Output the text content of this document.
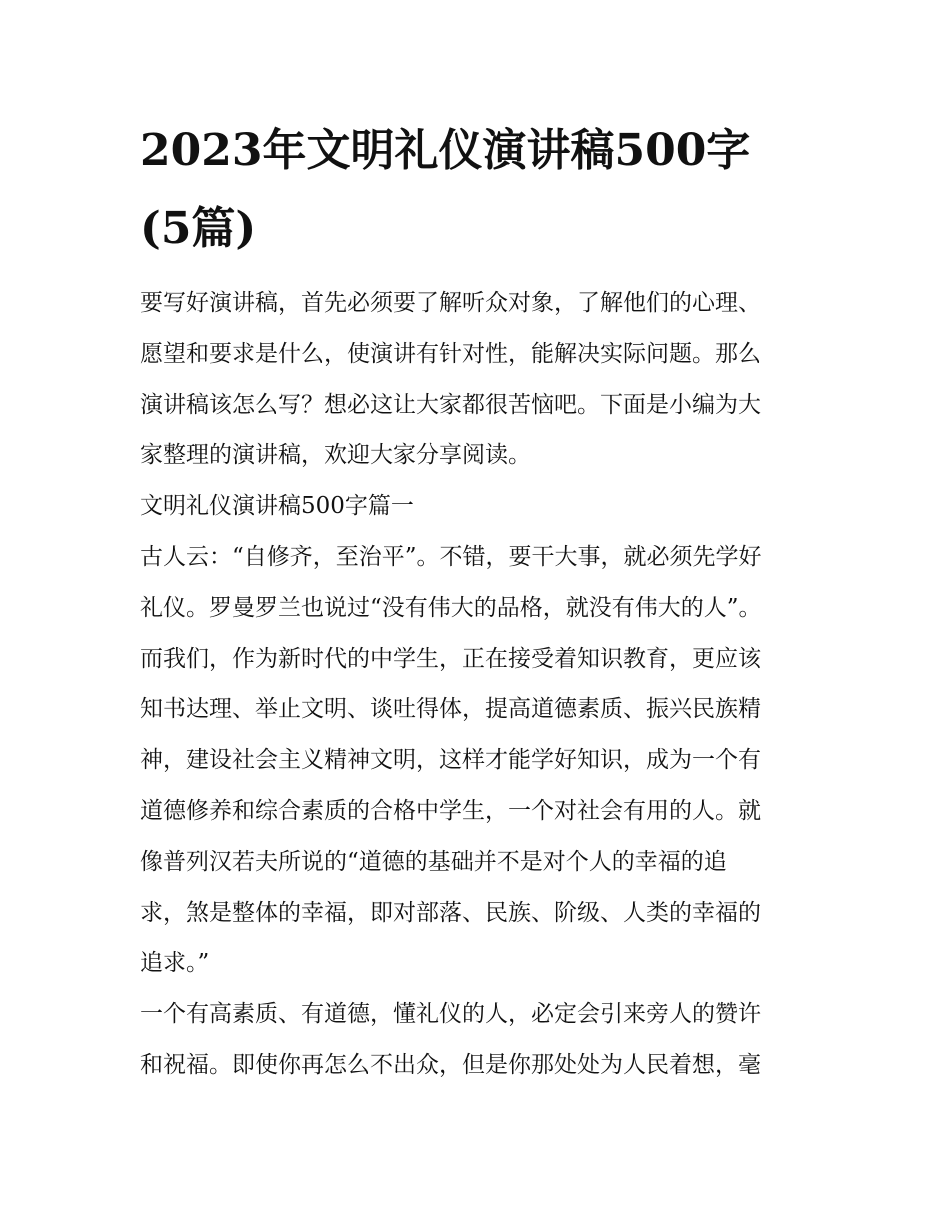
2023年文明礼仪演讲稿500字
(5篇)

要写好演讲稿，首先必须要了解听众对象，了解他们的心理、

愿望和要求是什么，使演讲有针对性，能解决实际问题。那么

演讲稿该怎么写？想必这让大家都很苦恼吧。下面是小编为大

家整理的演讲稿，欢迎大家分享阅读。

文明礼仪演讲稿500字篇一

古人云：“自修齐，至治平”。不错，要干大事，就必须先学好

礼仪。罗曼罗兰也说过“没有伟大的品格，就没有伟大的人”。

而我们，作为新时代的中学生，正在接受着知识教育，更应该

知书达理、举止文明、谈吐得体，提高道德素质、振兴民族精

神，建设社会主义精神文明，这样才能学好知识，成为一个有

道德修养和综合素质的合格中学生，一个对社会有用的人。就

像普列汉若夫所说的“道德的基础并不是对个人的幸福的追

求，煞是整体的幸福，即对部落、民族、阶级、人类的幸福的

追求。”

一个有高素质、有道德，懂礼仪的人，必定会引来旁人的赞许

和祝福。即使你再怎么不出众，但是你那处处为人民着想，毫
